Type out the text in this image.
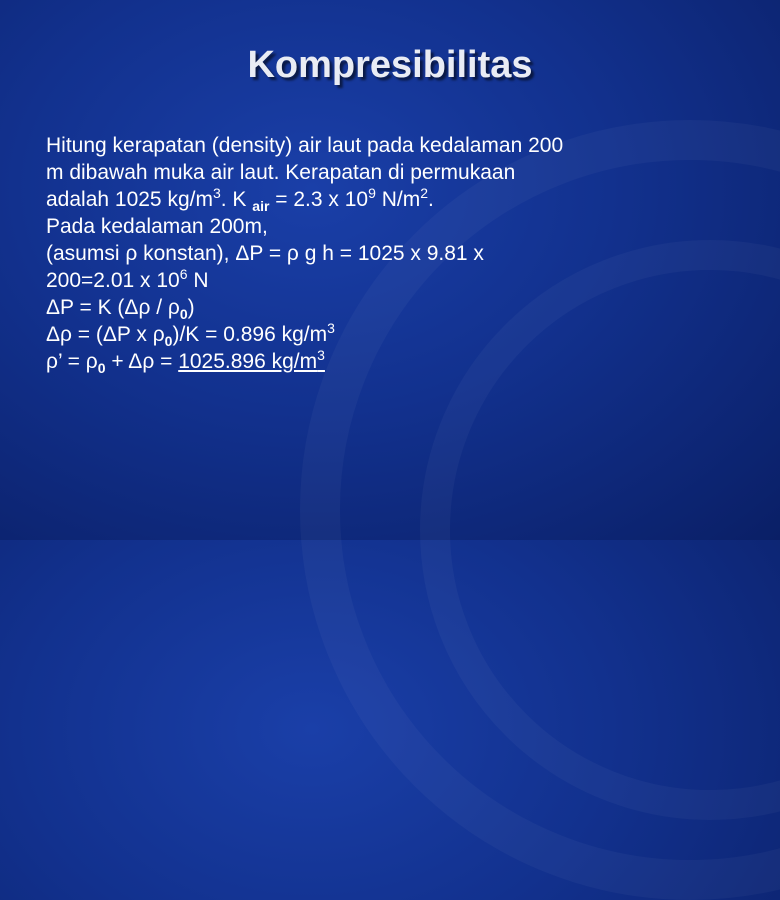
Kompresibilitas
Hitung kerapatan (density) air laut pada kedalaman 200
m dibawah muka air laut. Kerapatan di permukaan
adalah 1025 $kg/m^3$. K $_{air}$ = 2.3 x $10^9$ $N/m^2$.
Pada kedalaman 200m,
(asumsi ρ konstan), ΔP = ρ g h = 1025 x 9.81 x
200=2.01 x $10^6$ N
ΔP = K $(\Delta\rho / \rho_0)$
Δρ = (ΔP x $\rho_0)/K = 0.896$ $kg/m^3$
ρ’ = $\rho_0 + \Delta\rho = 1025.896$ $kg/m^3$
